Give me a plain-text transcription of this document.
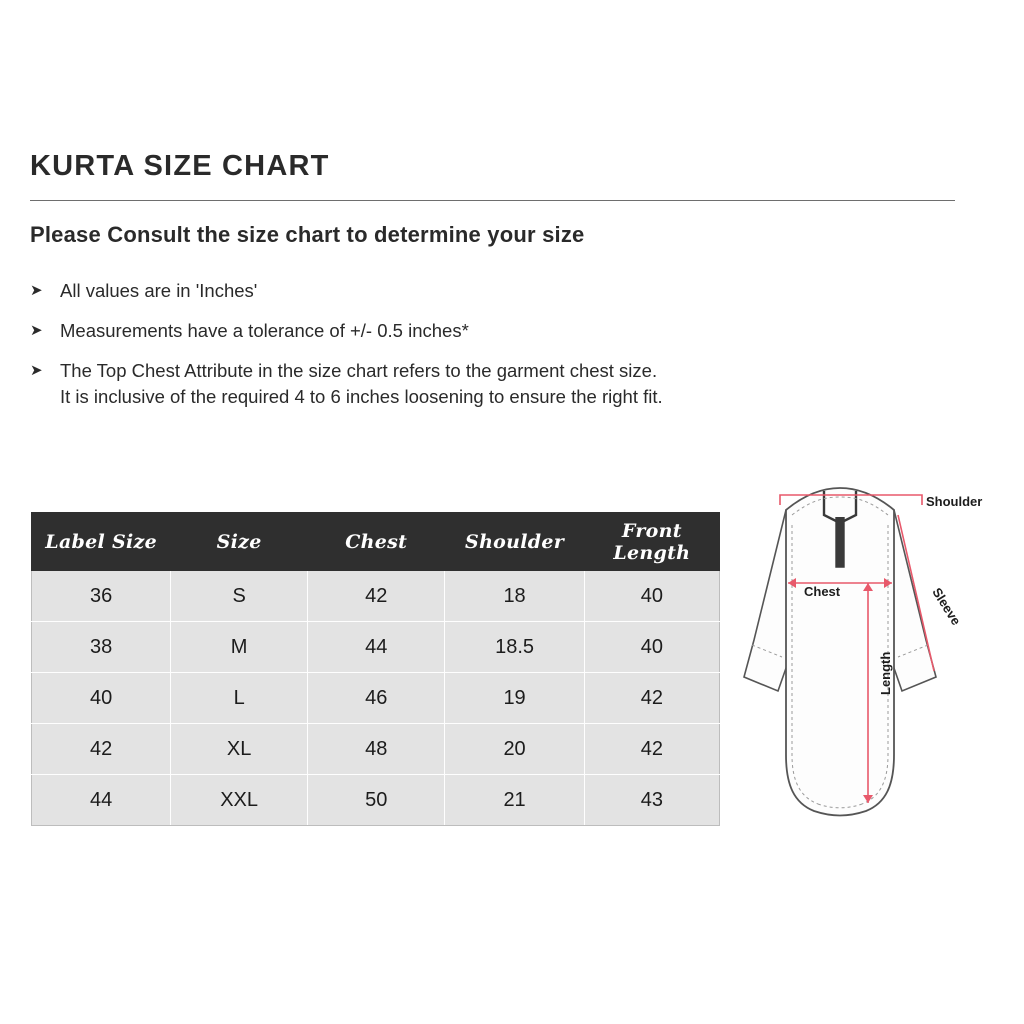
KURTA SIZE CHART
Please Consult the size chart to determine your size
➤ All values are in 'Inches'
➤ Measurements have a tolerance of +/- 0.5 inches*
➤ The Top Chest Attribute in the size chart refers to the garment chest size.
It is inclusive of the required 4 to 6 inches loosening to ensure the right fit.
Label Size	Size	Chest	Shoulder	Front Length
36	S	42	18	40
38	M	44	18.5	40
40	L	46	19	42
42	XL	48	20	42
44	XXL	50	21	43
Shoulder
Chest	Sleeve
Length
